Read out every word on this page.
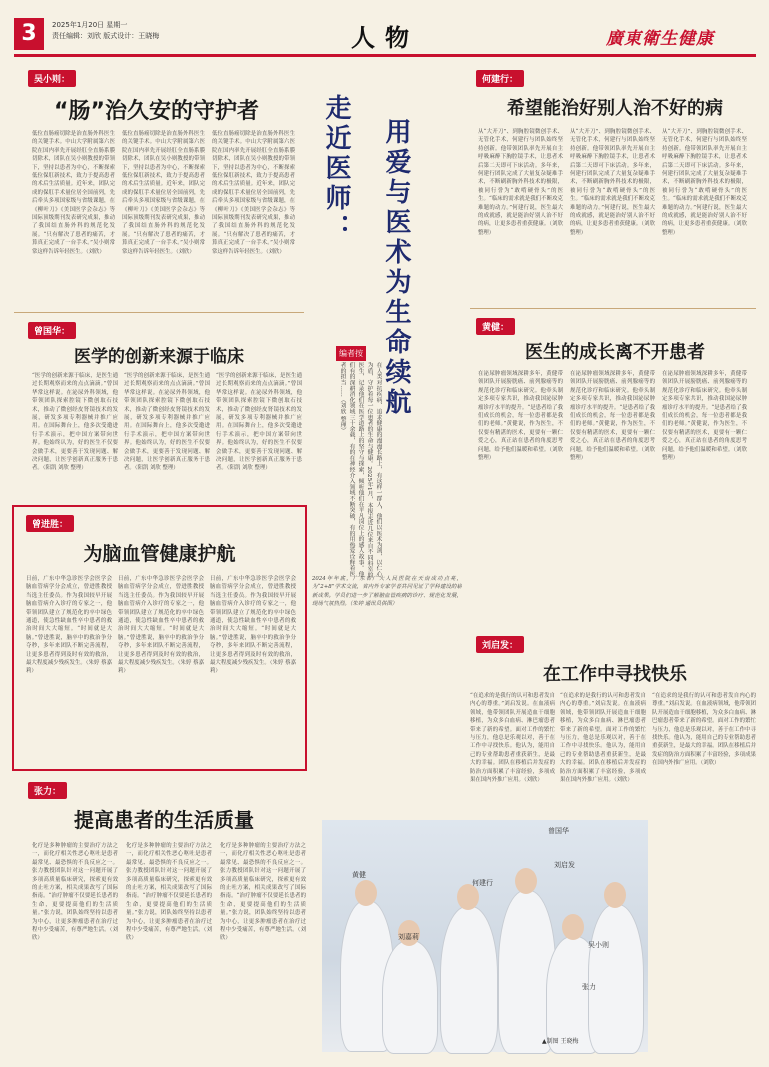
3	2025年1月20日 星期一
责任编辑：刘欣 版式设计：王晓梅	人物	廣東衛生健康
吴小则：
“肠”治久安的守护者
低位直肠癌切除是治直肠外科医生的关键手术。中山大学附属第六医院在国内率先开展经肛全直肠系膜切除术，团队在吴小则教授的带领下，坚持以患者为中心，不断探索低位保肛新技术，致力于提高患者的术后生活质量。近年来，团队完成的保肛手术量位居全国前列，先后牵头多项国家级与省级课题，在《柳叶刀》《美国医学会杂志》等国际顶级期刊发表研究成果，推动了我国结直肠外科的规范化发展。“只有解决了患者的痛苦，才算真正完成了一台手术。”吴小则常常这样告诉年轻医生。（刘欣）
低位直肠癌切除是治直肠外科医生的关键手术。中山大学附属第六医院在国内率先开展经肛全直肠系膜切除术，团队在吴小则教授的带领下，坚持以患者为中心，不断探索低位保肛新技术，致力于提高患者的术后生活质量。近年来，团队完成的保肛手术量位居全国前列，先后牵头多项国家级与省级课题，在《柳叶刀》《美国医学会杂志》等国际顶级期刊发表研究成果，推动了我国结直肠外科的规范化发展。“只有解决了患者的痛苦，才算真正完成了一台手术。”吴小则常常这样告诉年轻医生。（刘欣）
低位直肠癌切除是治直肠外科医生的关键手术。中山大学附属第六医院在国内率先开展经肛全直肠系膜切除术，团队在吴小则教授的带领下，坚持以患者为中心，不断探索低位保肛新技术，致力于提高患者的术后生活质量。近年来，团队完成的保肛手术量位居全国前列，先后牵头多项国家级与省级课题，在《柳叶刀》《美国医学会杂志》等国际顶级期刊发表研究成果，推动了我国结直肠外科的规范化发展。“只有解决了患者的痛苦，才算真正完成了一台手术。”吴小则常常这样告诉年轻医生。（刘欣）
走近医师： 用爱与医术为生命续航
编者按
在人类对抗疾病、追求健康的漫漫长路上，有这样一群人，他们以医术为剑，以仁心为盾，守护着每一位患者的生命与健康。2025年1月，本报走近几位来自不同科室的医生，记录他们在医学道路上的坚守与探索，倾听他们在平凡岗位上的感人故事。他们有的深耕消化领域三十余载，有的在神经介入领域不断突破，有的用热爱诠释着医者的担当……（刘欣 整理）
何建行：
希望能治好别人治不好的病
从“大开刀”、到胸腔镜微创手术、无管化手术，何建行与团队始终坚持创新。他带领团队率先开展自主呼吸麻醉下胸腔镜手术，让患者术后第二天即可下床活动。多年来，何建行团队完成了大量复杂疑难手术，不断刷新胸外科技术的极限，被同行誉为“敢啃硬骨头”的医生。“临床的需求就是我们不断攻克难题的动力。”何建行说，医生最大的成就感，就是能治好别人治不好的病，让更多患者重获健康。（刘欣 整理）
从“大开刀”、到胸腔镜微创手术、无管化手术，何建行与团队始终坚持创新。他带领团队率先开展自主呼吸麻醉下胸腔镜手术，让患者术后第二天即可下床活动。多年来，何建行团队完成了大量复杂疑难手术，不断刷新胸外科技术的极限，被同行誉为“敢啃硬骨头”的医生。“临床的需求就是我们不断攻克难题的动力。”何建行说，医生最大的成就感，就是能治好别人治不好的病，让更多患者重获健康。（刘欣 整理）
从“大开刀”、到胸腔镜微创手术、无管化手术，何建行与团队始终坚持创新。他带领团队率先开展自主呼吸麻醉下胸腔镜手术，让患者术后第二天即可下床活动。多年来，何建行团队完成了大量复杂疑难手术，不断刷新胸外科技术的极限，被同行誉为“敢啃硬骨头”的医生。“临床的需求就是我们不断攻克难题的动力。”何建行说，医生最大的成就感，就是能治好别人治不好的病，让更多患者重获健康。（刘欣 整理）
曾国华：
医学的创新来源于临床
“医学的创新来源于临床，是医生通过长期观察而来的点点滴滴。”曾国华常这样说。在泌尿外科领域，他带领团队探索腔镜下微创取石技术，推动了微创经皮肾镜技术的发展，研发多项专利器械并推广应用。在国际舞台上，他多次受邀进行手术演示，把中国方案带向世界。他始终认为，好的医生不仅要会做手术，更要善于发现问题、解决问题，让医学创新真正服务于患者。（阳凯 刘欣 整理）
“医学的创新来源于临床，是医生通过长期观察而来的点点滴滴。”曾国华常这样说。在泌尿外科领域，他带领团队探索腔镜下微创取石技术，推动了微创经皮肾镜技术的发展，研发多项专利器械并推广应用。在国际舞台上，他多次受邀进行手术演示，把中国方案带向世界。他始终认为，好的医生不仅要会做手术，更要善于发现问题、解决问题，让医学创新真正服务于患者。（阳凯 刘欣 整理）
“医学的创新来源于临床，是医生通过长期观察而来的点点滴滴。”曾国华常这样说。在泌尿外科领域，他带领团队探索腔镜下微创取石技术，推动了微创经皮肾镜技术的发展，研发多项专利器械并推广应用。在国际舞台上，他多次受邀进行手术演示，把中国方案带向世界。他始终认为，好的医生不仅要会做手术，更要善于发现问题、解决问题，让医学创新真正服务于患者。（阳凯 刘欣 整理）
黄健：
医生的成长离不开患者
在泌尿肿瘤领域深耕多年，黄健带领团队开展膀胱癌、前列腺癌等的规范化诊疗和临床研究。他牵头制定多项专家共识，推动我国泌尿肿瘤诊疗水平的提升。“是患者给了我们成长的机会，每一位患者都是我们的老师。”黄健说，作为医生，不仅要有精湛的医术，更要有一颗仁爱之心，真正站在患者的角度思考问题，给予他们温暖和希望。（刘欣 整理）
在泌尿肿瘤领域深耕多年，黄健带领团队开展膀胱癌、前列腺癌等的规范化诊疗和临床研究。他牵头制定多项专家共识，推动我国泌尿肿瘤诊疗水平的提升。“是患者给了我们成长的机会，每一位患者都是我们的老师。”黄健说，作为医生，不仅要有精湛的医术，更要有一颗仁爱之心，真正站在患者的角度思考问题，给予他们温暖和希望。（刘欣 整理）
在泌尿肿瘤领域深耕多年，黄健带领团队开展膀胱癌、前列腺癌等的规范化诊疗和临床研究。他牵头制定多项专家共识，推动我国泌尿肿瘤诊疗水平的提升。“是患者给了我们成长的机会，每一位患者都是我们的老师。”黄健说，作为医生，不仅要有精湛的医术，更要有一颗仁爱之心，真正站在患者的角度思考问题，给予他们温暖和希望。（刘欣 整理）
曾进胜：
为脑血管健康护航
日前，广东中华急诊医学会医学会脑血管病学分会成立，曾进胜教授当选主任委员。作为我国较早开展脑血管病介入诊疗的专家之一，他带领团队建立了规范化的卒中绿色通道，使急性缺血性卒中患者的救治时间大大缩短。“时间就是大脑。”曾进胜说，脑卒中的救治争分夺秒，多年来团队不断完善流程，让更多患者得到及时有效的救治，最大程度减少残疾发生。（朱婷 蔡嘉莉）
日前，广东中华急诊医学会医学会脑血管病学分会成立，曾进胜教授当选主任委员。作为我国较早开展脑血管病介入诊疗的专家之一，他带领团队建立了规范化的卒中绿色通道，使急性缺血性卒中患者的救治时间大大缩短。“时间就是大脑。”曾进胜说，脑卒中的救治争分夺秒，多年来团队不断完善流程，让更多患者得到及时有效的救治，最大程度减少残疾发生。（朱婷 蔡嘉莉）
日前，广东中华急诊医学会医学会脑血管病学分会成立，曾进胜教授当选主任委员。作为我国较早开展脑血管病介入诊疗的专家之一，他带领团队建立了规范化的卒中绿色通道，使急性缺血性卒中患者的救治时间大大缩短。“时间就是大脑。”曾进胜说，脑卒中的救治争分夺秒，多年来团队不断完善流程，让更多患者得到及时有效的救治，最大程度减少残疾发生。（朱婷 蔡嘉莉）
2024年年底，广东省广大人民医院在天南成功点亮，为“2+8”学术交流，省内外专家学者共同见证了学科建设的崭新成果。学员们进一步了解脑血管疾病的诊疗、规范化发展，现场气氛热烈。（朱婷 通讯员供图）
刘启发：
在工作中寻找快乐
“在追求的是我行的认可和患者发自内心的尊重。”刘启发说。在血液病领域，他带领团队开展造血干细胞移植，为众多白血病、淋巴瘤患者带来了新的希望。面对工作的繁忙与压力，他总是乐观以对，善于在工作中寻找快乐。他认为，能用自己的专业帮助患者重获新生，是最大的幸福。团队在移植后并发症的防治方面积累了丰富经验，多项成果在国内外推广应用。（刘欣）
“在追求的是我行的认可和患者发自内心的尊重。”刘启发说。在血液病领域，他带领团队开展造血干细胞移植，为众多白血病、淋巴瘤患者带来了新的希望。面对工作的繁忙与压力，他总是乐观以对，善于在工作中寻找快乐。他认为，能用自己的专业帮助患者重获新生，是最大的幸福。团队在移植后并发症的防治方面积累了丰富经验，多项成果在国内外推广应用。（刘欣）
“在追求的是我行的认可和患者发自内心的尊重。”刘启发说。在血液病领域，他带领团队开展造血干细胞移植，为众多白血病、淋巴瘤患者带来了新的希望。面对工作的繁忙与压力，他总是乐观以对，善于在工作中寻找快乐。他认为，能用自己的专业帮助患者重获新生，是最大的幸福。团队在移植后并发症的防治方面积累了丰富经验，多项成果在国内外推广应用。（刘欣）
张力：
提高患者的生活质量
化疗是多种肿瘤的主要治疗方法之一，而化疗相关性恶心呕吐是患者最常见、最恐惧的不良反应之一。张力教授团队针对这一问题开展了多项高质量临床研究，探索更有效的止吐方案，相关成果改写了国际指南。“治疗肿瘤不仅要延长患者的生命，更要提高他们的生活质量。”张力说，团队始终坚持以患者为中心，让更多肿瘤患者在治疗过程中少受痛苦，有尊严地生活。（刘欣）
化疗是多种肿瘤的主要治疗方法之一，而化疗相关性恶心呕吐是患者最常见、最恐惧的不良反应之一。张力教授团队针对这一问题开展了多项高质量临床研究，探索更有效的止吐方案，相关成果改写了国际指南。“治疗肿瘤不仅要延长患者的生命，更要提高他们的生活质量。”张力说，团队始终坚持以患者为中心，让更多肿瘤患者在治疗过程中少受痛苦，有尊严地生活。（刘欣）
化疗是多种肿瘤的主要治疗方法之一，而化疗相关性恶心呕吐是患者最常见、最恐惧的不良反应之一。张力教授团队针对这一问题开展了多项高质量临床研究，探索更有效的止吐方案，相关成果改写了国际指南。“治疗肿瘤不仅要延长患者的生命，更要提高他们的生活质量。”张力说，团队始终坚持以患者为中心，让更多肿瘤患者在治疗过程中少受痛苦，有尊严地生活。（刘欣）
曾国华
何建行
黄健
刘启发
吴小则
张力
刘嘉莉
▲制图 王晓梅
